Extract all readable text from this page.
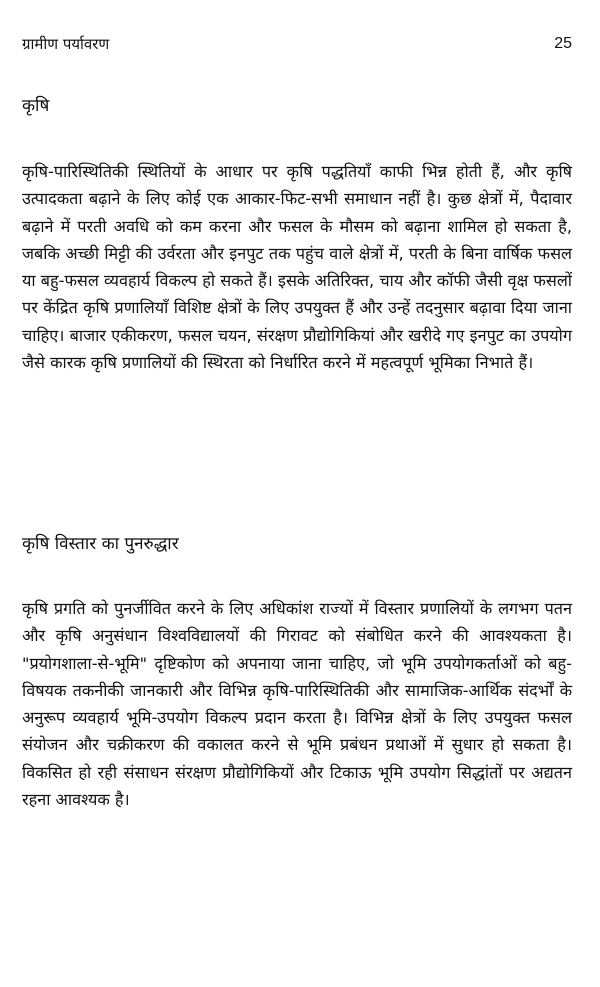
ग्रामीण पर्यावरण	25
कृषि

कृषि-पारिस्थितिकी स्थितियों के आधार पर कृषि पद्धतियाँ काफी भिन्न होती हैं, और कृषि उत्पादकता बढ़ाने के लिए कोई एक आकार-फिट-सभी समाधान नहीं है। कुछ क्षेत्रों में, पैदावार बढ़ाने में परती अवधि को कम करना और फसल के मौसम को बढ़ाना शामिल हो सकता है, जबकि अच्छी मिट्टी की उर्वरता और इनपुट तक पहुंच वाले क्षेत्रों में, परती के बिना वार्षिक फसल या बहु-फसल व्यवहार्य विकल्प हो सकते हैं। इसके अतिरिक्त, चाय और कॉफी जैसी वृक्ष फसलों पर केंद्रित कृषि प्रणालियाँ विशिष्ट क्षेत्रों के लिए उपयुक्त हैं और उन्हें तदनुसार बढ़ावा दिया जाना चाहिए। बाजार एकीकरण, फसल चयन, संरक्षण प्रौद्योगिकियां और खरीदे गए इनपुट का उपयोग जैसे कारक कृषि प्रणालियों की स्थिरता को निर्धारित करने में महत्वपूर्ण भूमिका निभाते हैं।

कृषि विस्तार का पुनरुद्धार

कृषि प्रगति को पुनर्जीवित करने के लिए अधिकांश राज्यों में विस्तार प्रणालियों के लगभग पतन और कृषि अनुसंधान विश्वविद्यालयों की गिरावट को संबोधित करने की आवश्यकता है। "प्रयोगशाला-से-भूमि" दृष्टिकोण को अपनाया जाना चाहिए, जो भूमि उपयोगकर्ताओं को बहु-विषयक तकनीकी जानकारी और विभिन्न कृषि-पारिस्थितिकी और सामाजिक-आर्थिक संदर्भों के अनुरूप व्यवहार्य भूमि-उपयोग विकल्प प्रदान करता है। विभिन्न क्षेत्रों के लिए उपयुक्त फसल संयोजन और चक्रीकरण की वकालत करने से भूमि प्रबंधन प्रथाओं में सुधार हो सकता है। विकसित हो रही संसाधन संरक्षण प्रौद्योगिकियों और टिकाऊ भूमि उपयोग सिद्धांतों पर अद्यतन रहना आवश्यक है।
